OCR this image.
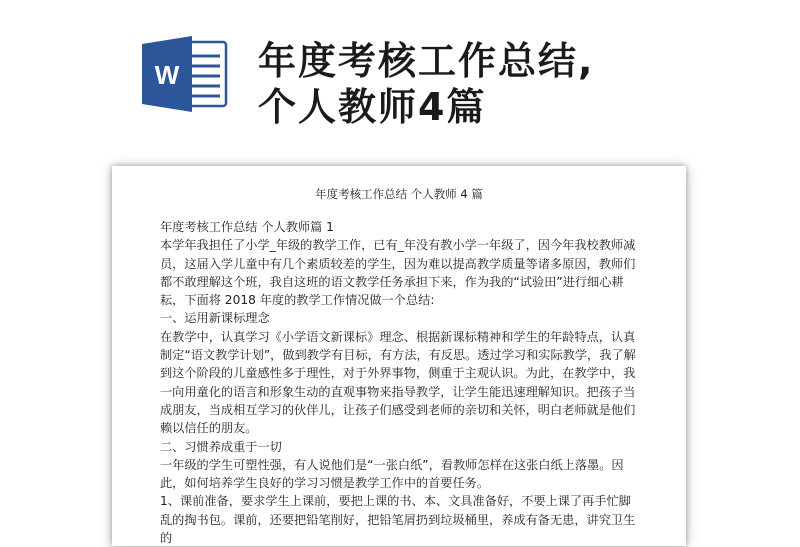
W 年度考核工作总结,
个人教师4篇
年度考核工作总结 个人教师 4 篇

年度考核工作总结 个人教师篇 1

本学年我担任了小学_年级的教学工作，已有_年没有教小学一年级了，因今年我校教师减员，这届入学儿童中有几个素质较差的学生，因为难以提高教学质量等诸多原因，教师们都不敢理解这个班，我自这班的语文教学任务承担下来，作为我的“试验田”进行细心耕耘，下面将 2018 年度的教学工作情况做一个总结:

一、运用新课标理念

在教学中，认真学习《小学语文新课标》理念、根据新课标精神和学生的年龄特点，认真制定“语文教学计划”，做到教学有目标，有方法，有反思。透过学习和实际教学，我了解到这个阶段的儿童感性多于理性，对于外界事物，侧重于主观认识。为此，在教学中，我一向用童化的语言和形象生动的直观事物来指导教学，让学生能迅速理解知识。把孩子当成朋友，当成相互学习的伙伴儿，让孩子们感受到老师的亲切和关怀，明白老师就是他们赖以信任的朋友。

二、习惯养成重于一切

一年级的学生可塑性强，有人说他们是“一张白纸”，看教师怎样在这张白纸上落墨。因此，如何培养学生良好的学习习惯是教学工作中的首要任务。

1、课前准备，要求学生上课前，要把上课的书、本、文具准备好，不要上课了再手忙脚乱的掏书包。课前，还要把铅笔削好，把铅笔屑扔到垃圾桶里，养成有备无患，讲究卫生的
